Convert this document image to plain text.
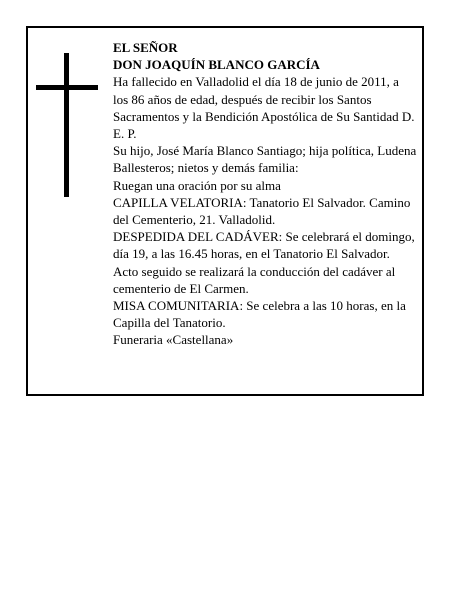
EL SEÑOR

DON JOAQUÍN BLANCO GARCÍA

Ha fallecido en Valladolid el día 18 de junio de 2011, a los 86 años de edad, después de recibir los Santos Sacramentos y la Bendición Apostólica de Su Santidad D. E. P.

Su hijo, José María Blanco Santiago; hija política, Ludena Ballesteros; nietos y demás familia:

Ruegan una oración por su alma

CAPILLA VELATORIA: Tanatorio El Salvador. Camino del Cementerio, 21. Valladolid.

DESPEDIDA DEL CADÁVER: Se celebrará el domingo, día 19, a las 16.45 horas, en el Tanatorio El Salvador. Acto seguido se realizará la conducción del cadáver al cementerio de El Carmen.

MISA COMUNITARIA: Se celebra a las 10 horas, en la Capilla del Tanatorio.

Funeraria «Castellana»
